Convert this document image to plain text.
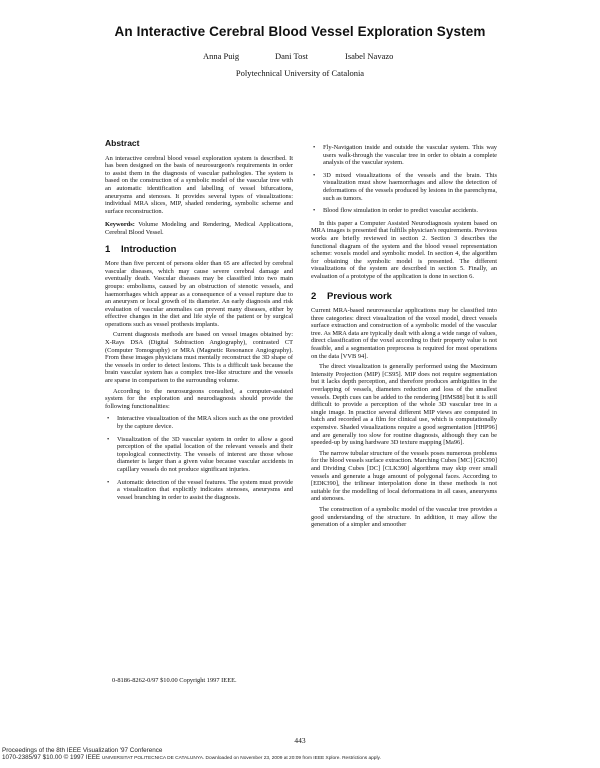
An Interactive Cerebral Blood Vessel Exploration System
Anna Puig	Dani Tost	Isabel Navazo
Polytechnical University of Catalonia
Abstract

An interactive cerebral blood vessel exploration system is described. It has been designed on the basis of neurosurgeon's requirements in order to assist them in the diagnosis of vascular pathologies. The system is based on the construction of a symbolic model of the vascular tree with an automatic identification and labelling of vessel bifurcations, aneurysms and stenoses. It provides several types of visualizations: individual MRA slices, MIP, shaded rendering, symbolic scheme and surface reconstruction.

Keywords: Volume Modeling and Rendering, Medical Applications, Cerebral Blood Vessel.
1 Introduction

More than five percent of persons older than 65 are affected by cerebral vascular diseases, which may cause severe cerebral damage and eventually death. Vascular diseases may be classified into two main groups: embolisms, caused by an obstruction of stenotic vessels, and haemorrhages which appear as a consequence of a vessel rupture due to an aneurysm or local growth of its diameter. An early diagnosis and risk evaluation of vascular anomalies can prevent many diseases, either by effective changes in the diet and life style of the patient or by surgical operations such as vessel prothesis implants.

Current diagnosis methods are based on vessel images obtained by: X-Rays DSA (Digital Subtraction Angiography), contrasted CT (Computer Tomography) or MRA (Magnetic Resonance Angiography). From these images physicians must mentally reconstruct the 3D shape of the vessels in order to detect lesions. This is a difficult task because the brain vascular system has a complex tree-like structure and the vessels are sparse in comparison to the surrounding volume.

According to the neurosurgeons consulted, a computer-assisted system for the exploration and neurodiagnosis should provide the following functionalities:

• Interactive visualization of the MRA slices such as the one provided by the capture device.
• Visualization of the 3D vascular system in order to allow a good perception of the spatial location of the relevant vessels and their topological connectivity. The vessels of interest are those whose diameter is larger than a given value because vascular accidents in capillary vessels do not produce significant injuries.
• Automatic detection of the vessel features. The system must provide a visualization that explicitly indicates stenoses, aneurysms and vessel branching in order to assist the diagnosis.
• Fly-Navigation inside and outside the vascular system. This way users walk-through the vascular tree in order to obtain a complete analysis of the vascular system.
• 3D mixed visualizations of the vessels and the brain. This visualization must show haemorrhages and allow the detection of deformations of the vessels produced by lesions in the parenchyma, such as tumors.
• Blood flow simulation in order to predict vascular accidents.

In this paper a Computer Assisted Neurodiagnosis system based on MRA images is presented that fulfills physician's requirements. Previous works are briefly reviewed in section 2. Section 3 describes the functional diagram of the system and the blood vessel representation scheme: voxels model and symbolic model. In section 4, the algorithm for obtaining the symbolic model is presented. The different visualizations of the system are described in section 5. Finally, an evaluation of a prototype of the application is done in section 6.

2 Previous work

Current MRA-based neurovascular applications may be classified into three categories: direct visualization of the voxel model, direct vessels surface extraction and construction of a symbolic model of the vascular tree. As MRA data are typically dealt with along a wide range of values, direct classification of the voxel according to their property value is not feasible, and a segmentation preprocess is required for most operations on the data [VVB 94].

The direct visualization is generally performed using the Maximum Intensity Projection (MIP) [CS95]. MIP does not require segmentation but it lacks depth perception, and therefore produces ambiguities in the overlapping of vessels, diameters reduction and loss of the smallest vessels. Depth cues can be added to the rendering [HMS88] but it is still difficult to provide a perception of the whole 3D vascular tree in a single image. In practice several different MIP views are computed in batch and recorded as a film for clinical use, which is computationally expensive. Shaded visualizations require a good segmentation [HHP96] and are generally too slow for routine diagnosis, although they can be speeded-up by using hardware 3D texture mapping [Ma96].

The narrow tubular structure of the vessels poses numerous problems for the blood vessels surface extraction. Marching Cubes [MC] [GK390] and Dividing Cubes [DC] [CLK390] algorithms may skip over small vessels and generate a huge amount of polygonal faces. According to [EDK390], the trilinear interpolation done in these methods is not suitable for the modelling of local deformations in all cases, aneurysms and stenoses.

The construction of a symbolic model of the vascular tree provides a good understanding of the structure. In addition, it may allow the generation of a simpler and smoother

0-8186-8262-0/97 $10.00 Copyright 1997 IEEE.
443
Proceedings of the 8th IEEE Visualization '97 Conference
1070-2385/97 $10.00 © 1997 IEEE UNIVERSITAT POLITECNICA DE CATALUNYA. Downloaded on November 23, 2009 at 20:09 from IEEE Xplore. Restrictions apply.
